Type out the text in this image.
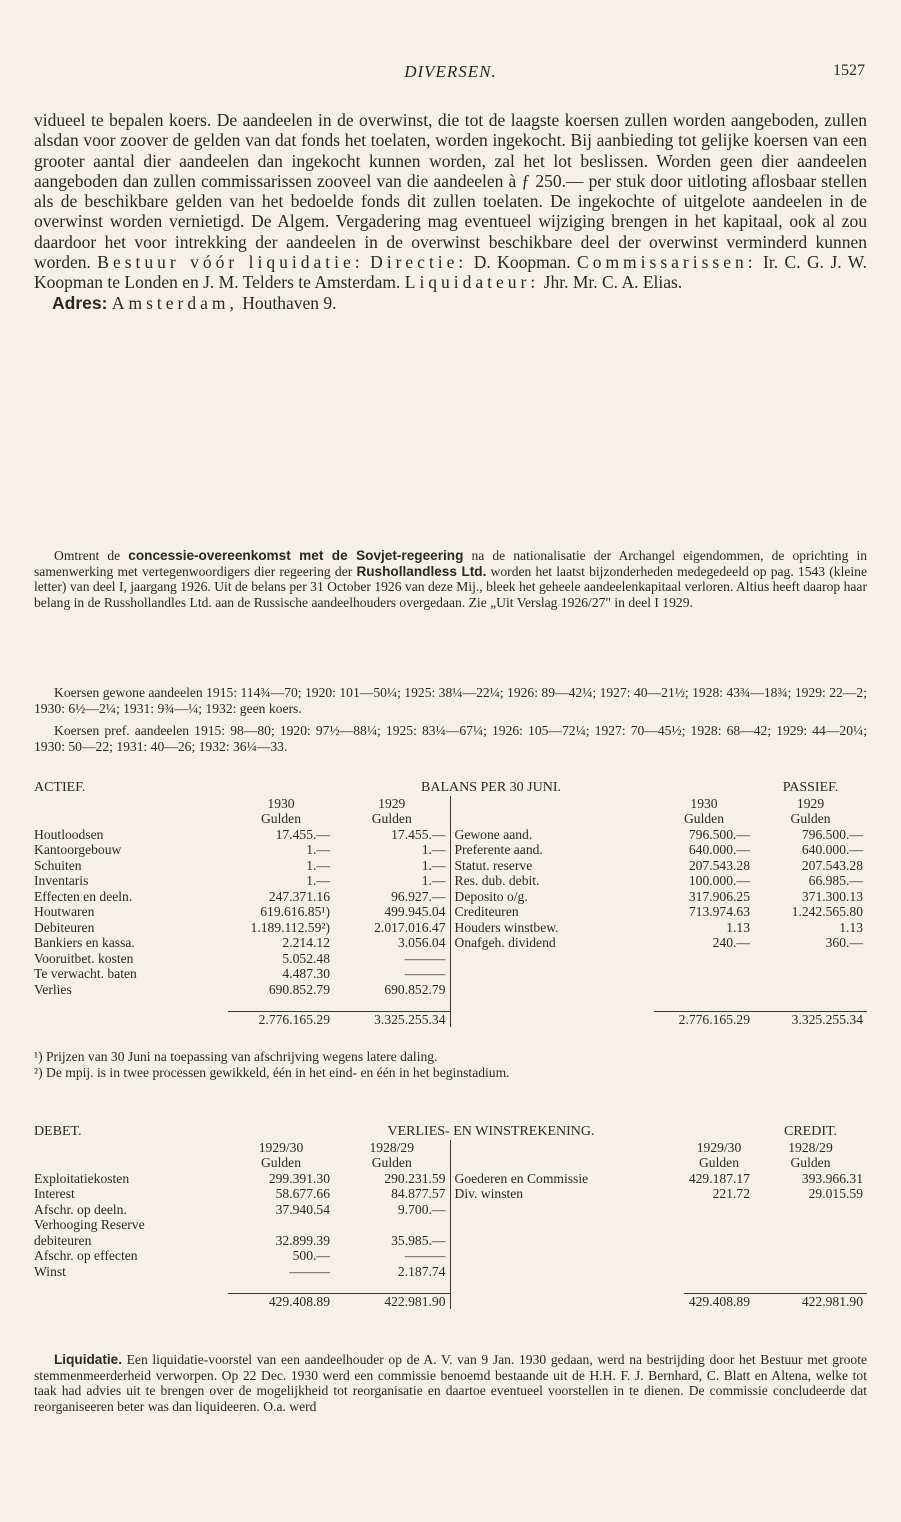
DIVERSEN.	1527

vidueel te bepalen koers. De aandeelen in de overwinst, die tot de laagste koersen zullen worden aangeboden, zullen alsdan voor zoover de gelden van dat fonds het toelaten, worden ingekocht. Bij aanbieding tot gelijke koersen van een grooter aantal dier aandeelen dan ingekocht kunnen worden, zal het lot beslissen. Worden geen dier aandeelen aangeboden dan zullen commissarissen zooveel van die aandeelen à ƒ 250.— per stuk door uitloting aflosbaar stellen als de beschikbare gelden van het bedoelde fonds dit zullen toelaten. De ingekochte of uitgelote aandeelen in de overwinst worden vernietigd. De Algem. Vergadering mag eventueel wijziging brengen in het kapitaal, ook al zou daardoor het voor intrekking der aandeelen in de overwinst beschikbare deel der overwinst verminderd kunnen worden. Bestuur vóór liquidatie: Directie: D. Koopman. Commissarissen: Ir. C. G. J. W. Koopman te Londen en J. M. Telders te Amsterdam. Liquidateur: Jhr. Mr. C. A. Elias.

Adres: Amsterdam, Houthaven 9.

Omtrent de concessie-overeenkomst met de Sovjet-regeering na de nationalisatie der Archangel eigendommen, de oprichting in samenwerking met vertegenwoordigers dier regeering der Rushollandless Ltd. worden het laatst bijzonderheden medegedeeld op pag. 1543 (kleine letter) van deel I, jaargang 1926. Uit de belans per 31 October 1926 van deze Mij., bleek het geheele aandeelenkapitaal verloren. Altius heeft daarop haar belang in de Russhollandles Ltd. aan de Russische aandeelhouders overgedaan. Zie „Uit Verslag 1926/27" in deel I 1929.

Koersen gewone aandeelen 1915: 114¾—70; 1920: 101—50¼; 1925: 38¼—22¼; 1926: 89—42¼; 1927: 40—21½; 1928: 43¾—18¾; 1929: 22—2; 1930: 6½—2¼; 1931: 9¾—¼; 1932: geen koers.

Koersen pref. aandeelen 1915: 98—80; 1920: 97½—88¼; 1925: 83¼—67¼; 1926: 105—72¼; 1927: 70—45½; 1928: 68—42; 1929: 44—20¼; 1930: 50—22; 1931: 40—26; 1932: 36¼—33.

ACTIEF.	BALANS PER 30 JUNI.				PASSIEF.
	1930	1929		1930	1929
	Gulden	Gulden		Gulden	Gulden
Houtloodsen	17.455.—	17.455.—	Gewone aand.	796.500.—	796.500.—
Kantoorgebouw	1.—	1.—	Preferente aand.	640.000.—	640.000.—
Schuiten	1.—	1.—	Statut. reserve	207.543.28	207.543.28
Inventaris	1.—	1.—	Res. dub. debit.	100.000.—	66.985.—
Effecten en deeln.	247.371.16	96.927.—	Deposito o/g.	317.906.25	371.300.13
Houtwaren	619.616.85¹)	499.945.04	Crediteuren	713.974.63	1.242.565.80
Debiteuren	1.189.112.59²)	2.017.016.47	Houders winstbew.	1.13	1.13
Bankiers en kassa.	2.214.12	3.056.04	Onafgeh. dividend	240.—	360.—
Vooruitbet. kosten	5.052.48	———			
Te verwacht. baten	4.487.30	———			
Verlies	690.852.79	690.852.79			

	2.776.165.29	3.325.255.34		2.776.165.29	3.325.255.34

¹) Prijzen van 30 Juni na toepassing van afschrijving wegens latere daling.

²) De mpij. is in twee processen gewikkeld, één in het eind- en één in het beginstadium.

DEBET.	VERLIES- EN WINSTREKENING.				CREDIT.
	1929/30	1928/29		1929/30	1928/29
	Gulden	Gulden		Gulden	Gulden
Exploitatiekosten	299.391.30	290.231.59	Goederen en Commissie	429.187.17	393.966.31
Interest	58.677.66	84.877.57	Div. winsten	221.72	29.015.59
Afschr. op deeln.	37.940.54	9.700.—			
Verhooging Reserve					
debiteuren	32.899.39	35.985.—			
Afschr. op effecten	500.—	———			
Winst	———	2.187.74			

	429.408.89	422.981.90		429.408.89	422.981.90

Liquidatie. Een liquidatie-voorstel van een aandeelhouder op de A. V. van 9 Jan. 1930 gedaan, werd na bestrijding door het Bestuur met groote stemmenmeerderheid verworpen. Op 22 Dec. 1930 werd een commissie benoemd bestaande uit de H.H. F. J. Bernhard, C. Blatt en Altena, welke tot taak had advies uit te brengen over de mogelijkheid tot reorganisatie en daartoe eventueel voorstellen in te dienen. De commissie concludeerde dat reorganiseeren beter was dan liquideeren. O.a. werd
